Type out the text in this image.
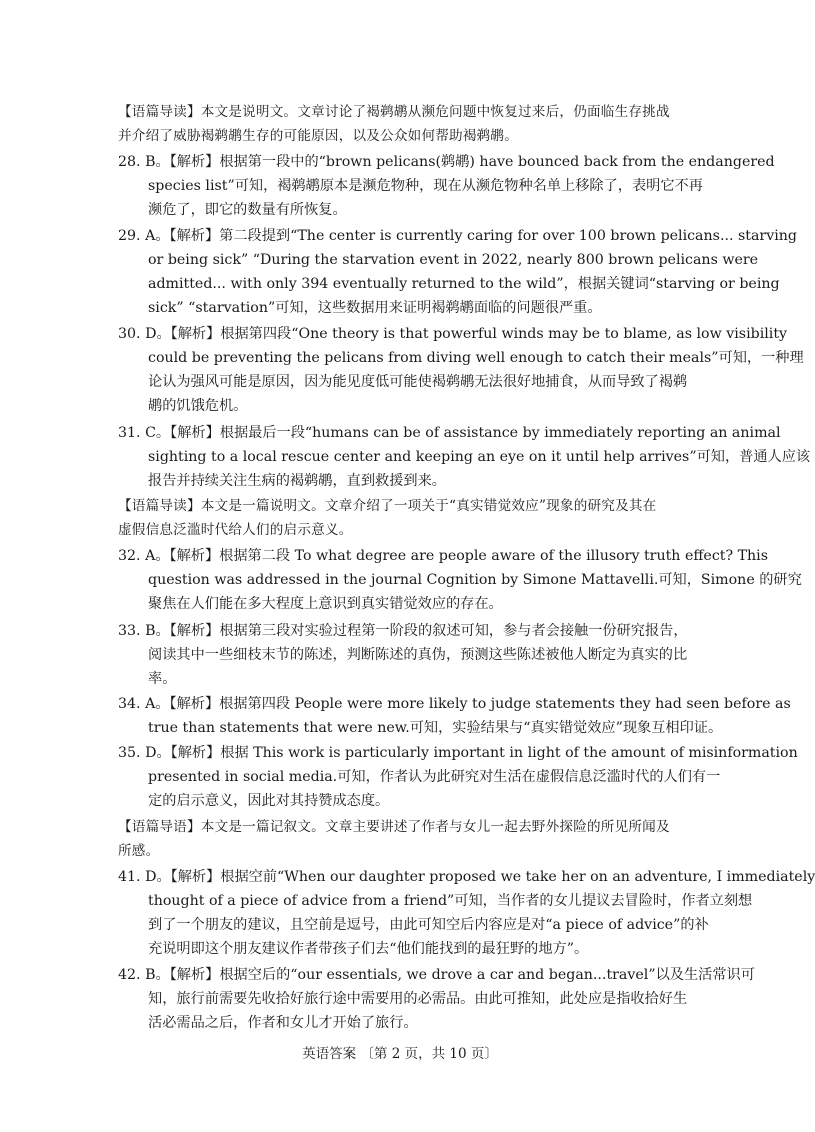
【语篇导读】本文是说明文。文章讨论了褐鹈鹕从濒危问题中恢复过来后，仍面临生存挑战
并介绍了威胁褐鹈鹕生存的可能原因，以及公众如何帮助褐鹈鹕。
28. B。【解析】根据第一段中的“brown pelicans(鹈鹕) have bounced back from the endangered
species list”可知，褐鹈鹕原本是濒危物种，现在从濒危物种名单上移除了，表明它不再
濒危了，即它的数量有所恢复。
29. A。【解析】第二段提到“The center is currently caring for over 100 brown pelicans... starving
or being sick” “During the starvation event in 2022, nearly 800 brown pelicans were
admitted... with only 394 eventually returned to the wild”，根据关键词“starving or being
sick” “starvation”可知，这些数据用来证明褐鹈鹕面临的问题很严重。
30. D。【解析】根据第四段“One theory is that powerful winds may be to blame, as low visibility
could be preventing the pelicans from diving well enough to catch their meals”可知，一种理
论认为强风可能是原因，因为能见度低可能使褐鹈鹕无法很好地捕食，从而导致了褐鹈
鹕的饥饿危机。
31. C。【解析】根据最后一段“humans can be of assistance by immediately reporting an animal
sighting to a local rescue center and keeping an eye on it until help arrives”可知，普通人应该
报告并持续关注生病的褐鹈鹕，直到救援到来。
【语篇导读】本文是一篇说明文。文章介绍了一项关于“真实错觉效应”现象的研究及其在
虚假信息泛滥时代给人们的启示意义。
32. A。【解析】根据第二段 To what degree are people aware of the illusory truth effect? This
question was addressed in the journal Cognition by Simone Mattavelli.可知，Simone 的研究
聚焦在人们能在多大程度上意识到真实错觉效应的存在。
33. B。【解析】根据第三段对实验过程第一阶段的叙述可知，参与者会接触一份研究报告，
阅读其中一些细枝末节的陈述，判断陈述的真伪，预测这些陈述被他人断定为真实的比
率。
34. A。【解析】根据第四段 People were more likely to judge statements they had seen before as
true than statements that were new.可知，实验结果与“真实错觉效应”现象互相印证。
35. D。【解析】根据 This work is particularly important in light of the amount of misinformation
presented in social media.可知，作者认为此研究对生活在虚假信息泛滥时代的人们有一
定的启示意义，因此对其持赞成态度。
【语篇导语】本文是一篇记叙文。文章主要讲述了作者与女儿一起去野外探险的所见所闻及
所感。
41. D。【解析】根据空前“When our daughter proposed we take her on an adventure, I immediately
thought of a piece of advice from a friend”可知，当作者的女儿提议去冒险时，作者立刻想
到了一个朋友的建议，且空前是逗号，由此可知空后内容应是对“a piece of advice”的补
充说明即这个朋友建议作者带孩子们去“他们能找到的最狂野的地方”。
42. B。【解析】根据空后的“our essentials, we drove a car and began...travel”以及生活常识可
知，旅行前需要先收拾好旅行途中需要用的必需品。由此可推知，此处应是指收拾好生
活必需品之后，作者和女儿才开始了旅行。
英语答案 〔第 2 页，共 10 页〕
